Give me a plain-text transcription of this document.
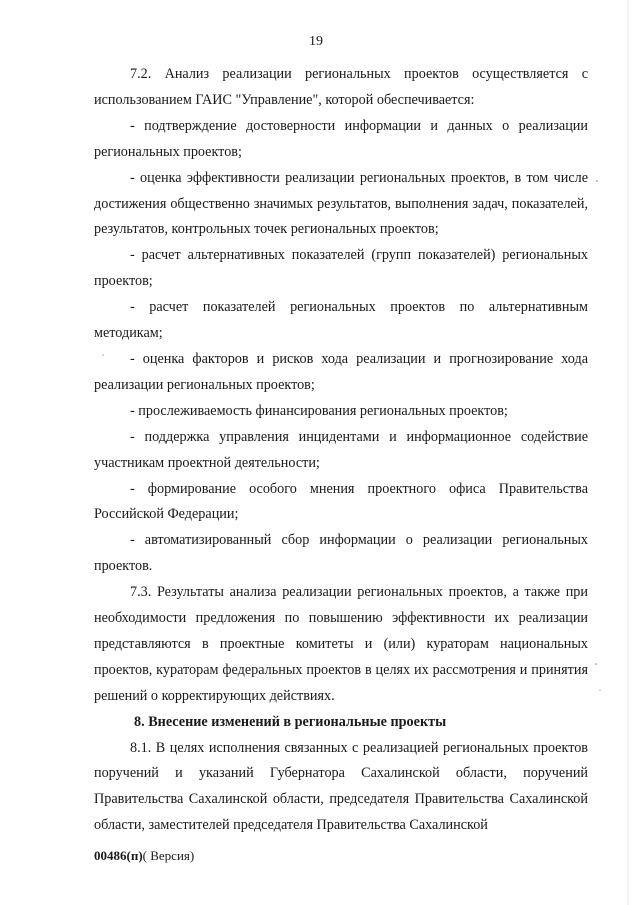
19

7.2. Анализ реализации региональных проектов осуществляется с использованием ГАИС "Управление", которой обеспечивается:

- подтверждение достоверности информации и данных о реализации региональных проектов;

- оценка эффективности реализации региональных проектов, в том числе достижения общественно значимых результатов, выполнения задач, показателей, результатов, контрольных точек региональных проектов;

- расчет альтернативных показателей (групп показателей) региональных проектов;

- расчет показателей региональных проектов по альтернативным методикам;

- оценка факторов и рисков хода реализации и прогнозирование хода реализации региональных проектов;

- прослеживаемость финансирования региональных проектов;

- поддержка управления инцидентами и информационное содействие участникам проектной деятельности;

- формирование особого мнения проектного офиса Правительства Российской Федерации;

- автоматизированный сбор информации о реализации региональных проектов.

7.3. Результаты анализа реализации региональных проектов, а также при необходимости предложения по повышению эффективности их реализации представляются в проектные комитеты и (или) кураторам национальных проектов, кураторам федеральных проектов в целях их рассмотрения и принятия решений о корректирующих действиях.

8. Внесение изменений в региональные проекты

8.1. В целях исполнения связанных с реализацией региональных проектов поручений и указаний Губернатора Сахалинской области, поручений Правительства Сахалинской области, председателя Правительства Сахалинской области, заместителей председателя Правительства Сахалинской

00486(п)( Версия)
